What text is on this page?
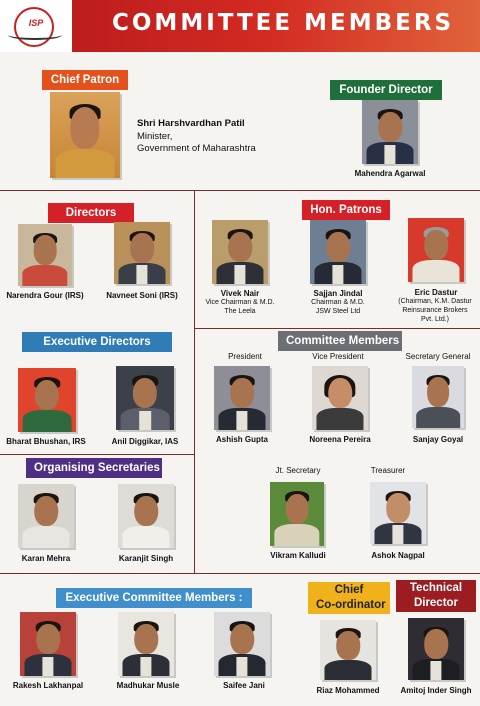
ISP	COMMITTEE MEMBERS
Chief Patron
Shri Harshvardhan Patil
Minister,
Government of Maharashtra
Founder Director
Mahendra Agarwal
Directors
Narendra Gour (IRS)	Navneet Soni (IRS)
Hon. Patrons
Vivek Nair
Vice Chairman & M.D.
The Leela
Sajjan Jindal
Chairman & M.D.
JSW Steel Ltd
Eric Dastur
(Chairman, K.M. Dastur
Reinsurance Brokers
Pvt. Ltd.)
Executive Directors
Bharat Bhushan, IRS	Anil Diggikar, IAS
Committee Members
President	Vice President	Secretary General
Ashish Gupta	Noreena Pereira	Sanjay Goyal
Organising Secretaries
Karan Mehra	Karanjit Singh
Jt. Secretary	Treasurer
Vikram Kalludi	Ashok Nagpal
Executive Committee Members :
Rakesh Lakhanpal	Madhukar Musle	Saifee Jani
Chief
Co-ordinator
Riaz Mohammed
Technical
Director
Amitoj Inder Singh
